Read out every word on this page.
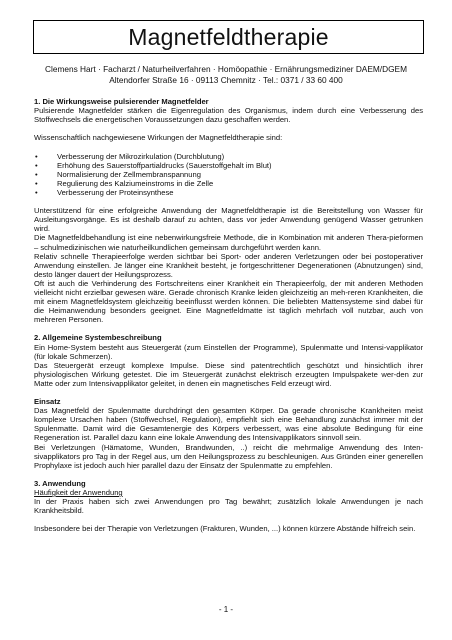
Magnetfeldtherapie
Clemens Hart · Facharzt / Naturheilverfahren · Homöopathie · Ernährungsmediziner DAEM/DGEM
Altendorfer Straße 16 · 09113 Chemnitz · Tel.: 0371 / 33 60 400

1. Die Wirkungsweise pulsierender Magnetfelder

Pulsierende Magnetfelder stärken die Eigenregulation des Organismus, indem durch eine Verbesserung des Stoffwechsels die energetischen Voraussetzungen dazu geschaffen werden.

Wissenschaftlich nachgewiesene Wirkungen der Magnetfeldtherapie sind:

•	Verbesserung der Mikrozirkulation (Durchblutung)
•	Erhöhung des Sauerstoffpartialdrucks (Sauerstoffgehalt im Blut)
•	Normalisierung der Zellmembranspannung
•	Regulierung des Kalziumeinstroms in die Zelle
•	Verbesserung der Proteinsynthese

Unterstützend für eine erfolgreiche Anwendung der Magnetfeldtherapie ist die Bereitstellung von Wasser für Ausleitungsvorgänge. Es ist deshalb darauf zu achten, dass vor jeder Anwendung genügend Wasser getrunken wird.

Die Magnetfeldbehandlung ist eine nebenwirkungsfreie Methode, die in Kombination mit anderen Thera-pieformen – schulmedizinischen wie naturheilkundlichen gemeinsam durchgeführt werden kann.

Relativ schnelle Therapieerfolge werden sichtbar bei Sport- oder anderen Verletzungen oder bei postoperativer Anwendung einstellen. Je länger eine Krankheit besteht, je fortgeschrittener Degenerationen (Abnutzungen) sind, desto länger dauert der Heilungsprozess.

Oft ist auch die Verhinderung des Fortschreitens einer Krankheit ein Therapieerfolg, der mit anderen Methoden vielleicht nicht erzielbar gewesen wäre. Gerade chronisch Kranke leiden gleichzeitig an meh-reren Krankheiten, die mit einem Magnetfeldsystem gleichzeitig beeinflusst werden können. Die beliebten Mattensysteme sind dabei für die Heimanwendung besonders geeignet. Eine Magnetfeldmatte ist täglich mehrfach voll nutzbar, auch von mehreren Personen.

2. Allgemeine Systembeschreibung

Ein Home-System besteht aus Steuergerät (zum Einstellen der Programme), Spulenmatte und Intensi-vapplikator (für lokale Schmerzen).

Das Steuergerät erzeugt komplexe Impulse. Diese sind patentrechtlich geschützt und hinsichtlich ihrer physiologischen Wirkung getestet. Die im Steuergerät zunächst elektrisch erzeugten Impulspakete wer-den zur Matte oder zum Intensivapplikator geleitet, in denen ein magnetisches Feld erzeugt wird.

Einsatz

Das Magnetfeld der Spulenmatte durchdringt den gesamten Körper. Da gerade chronische Krankheiten meist komplexe Ursachen haben (Stoffwechsel, Regulation), empfiehlt sich eine Behandlung zunächst immer mit der Spulenmatte. Damit wird die Gesamtenergie des Körpers verbessert, was eine absolute Bedingung für eine Regeneration ist. Parallel dazu kann eine lokale Anwendung des Intensivapplikators sinnvoll sein.

Bei Verletzungen (Hämatome, Wunden, Brandwunden, ..) reicht die mehrmalige Anwendung des Inten-sivapplikators pro Tag in der Regel aus, um den Heilungsprozess zu beschleunigen. Aus Gründen einer generellen Prophylaxe ist jedoch auch hier parallel dazu der Einsatz der Spulenmatte zu empfehlen.

3. Anwendung

Häufigkeit der Anwendung

In der Praxis haben sich zwei Anwendungen pro Tag bewährt; zusätzlich lokale Anwendungen je nach Krankheitsbild.

Insbesondere bei der Therapie von Verletzungen (Frakturen, Wunden, ...) können kürzere Abstände hilfreich sein.

- 1 -
